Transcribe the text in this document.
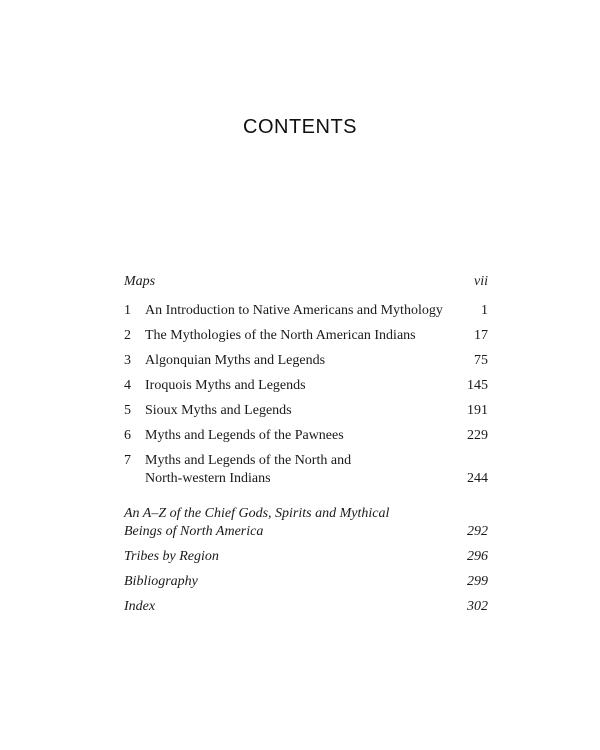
CONTENTS
Maps	vii
1	An Introduction to Native Americans and Mythology	1
2	The Mythologies of the North American Indians	17
3	Algonquian Myths and Legends	75
4	Iroquois Myths and Legends	145
5	Sioux Myths and Legends	191
6	Myths and Legends of the Pawnees	229
7	Myths and Legends of the North and
North-western Indians	244
An A–Z of the Chief Gods, Spirits and Mythical
Beings of North America	292
Tribes by Region	296
Bibliography	299
Index	302
